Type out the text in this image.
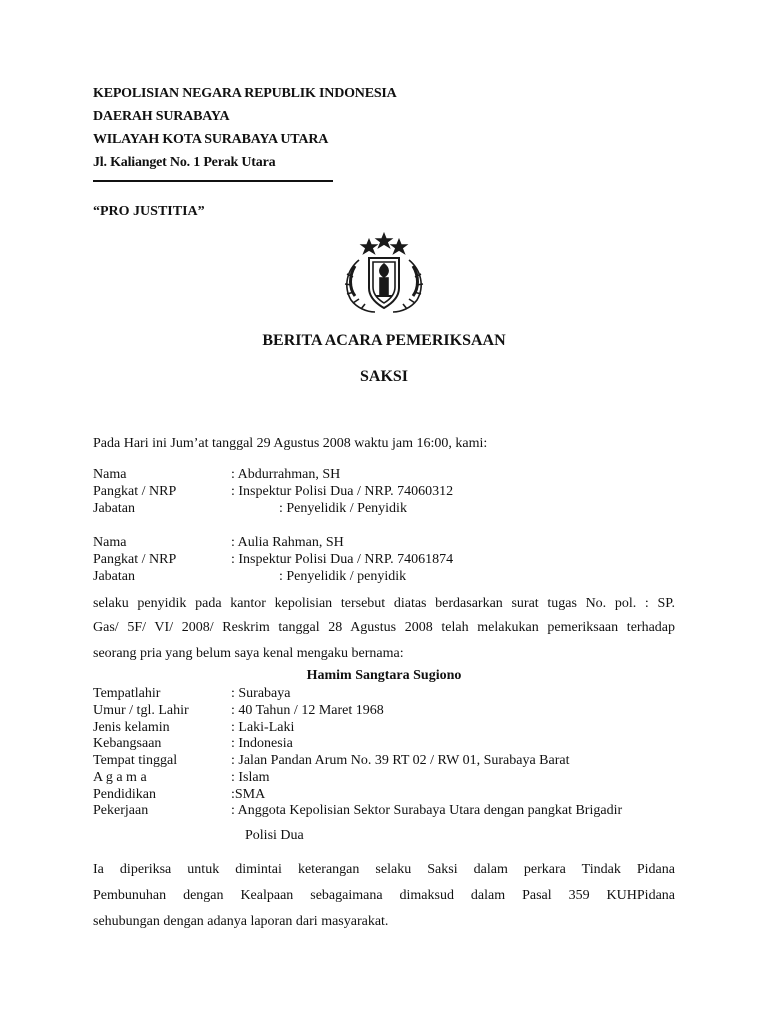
KEPOLISIAN NEGARA REPUBLIK INDONESIA
DAERAH SURABAYA
WILAYAH KOTA SURABAYA UTARA
Jl. Kalianget No. 1 Perak Utara
“PRO JUSTITIA”
BERITA ACARA PEMERIKSAAN
SAKSI
Pada Hari ini Jum’at tanggal 29 Agustus 2008 waktu jam 16:00, kami:
Nama	: Abdurrahman, SH
Pangkat / NRP	: Inspektur Polisi Dua / NRP. 74060312
Jabatan	: Penyelidik / Penyidik
Nama	: Aulia Rahman, SH
Pangkat / NRP	: Inspektur Polisi Dua / NRP. 74061874
Jabatan	: Penyelidik / penyidik
selaku penyidik pada kantor kepolisian tersebut diatas berdasarkan surat tugas No. pol. : SP.
Gas/ 5F/ VI/ 2008/ Reskrim tanggal 28 Agustus 2008 telah melakukan pemeriksaan terhadap
seorang pria yang belum saya kenal mengaku bernama:
Hamim Sangtara Sugiono
Tempatlahir	: Surabaya
Umur / tgl. Lahir	: 40 Tahun / 12 Maret 1968
Jenis kelamin	: Laki-Laki
Kebangsaan	: Indonesia
Tempat tinggal	: Jalan Pandan Arum No. 39 RT 02 / RW 01, Surabaya Barat
A g a m a	: Islam
Pendidikan	:SMA
Pekerjaan	: Anggota Kepolisian Sektor Surabaya Utara dengan pangkat Brigadir
Polisi Dua
Ia diperiksa untuk dimintai keterangan selaku Saksi dalam perkara Tindak Pidana
Pembunuhan dengan Kealpaan sebagaimana dimaksud dalam Pasal 359 KUHPidana
sehubungan dengan adanya laporan dari masyarakat.
